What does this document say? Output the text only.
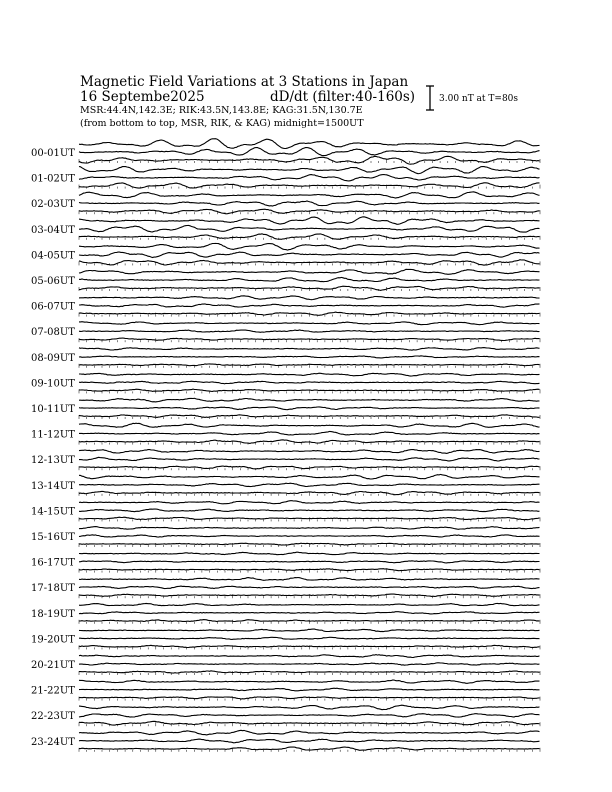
Magnetic Field Variations at 3 Stations in Japan
16 Septembe2025	dD/dt (filter:40-160s)
MSR:44.4N,142.3E; RIK:43.5N,143.8E; KAG:31.5N,130.7E
(from bottom to top, MSR, RIK, & KAG) midnight=1500UT
3.00 nT at T=80s
00-01UT
01-02UT
02-03UT
03-04UT
04-05UT
05-06UT
06-07UT
07-08UT
08-09UT
09-10UT
10-11UT
11-12UT
12-13UT
13-14UT
14-15UT
15-16UT
16-17UT
17-18UT
18-19UT
19-20UT
20-21UT
21-22UT
22-23UT
23-24UT
